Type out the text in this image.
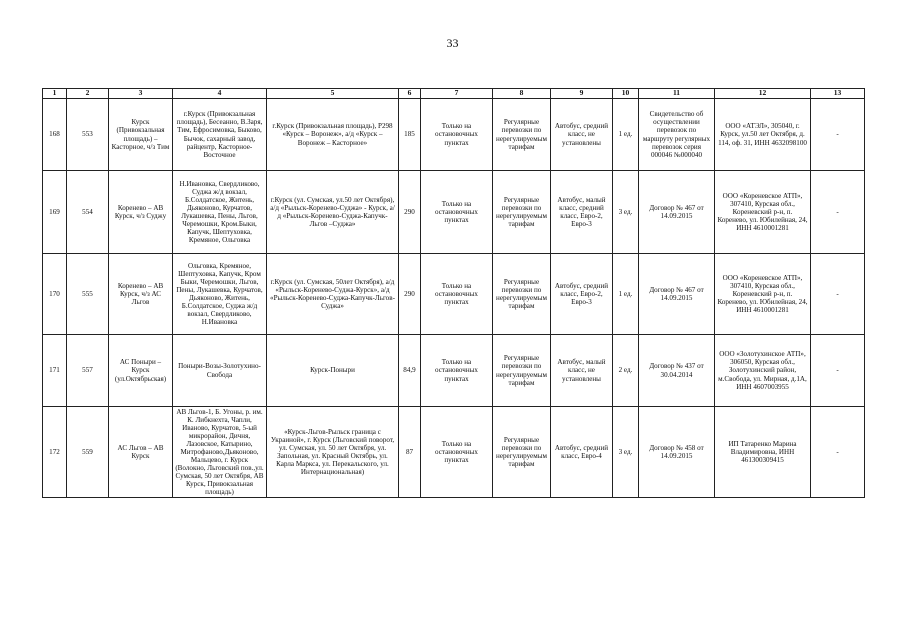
33
1	2	3	4	5	6	7	8	9	10	11	12	13
168	553	Курск (Привокзальная площадь) – Касторное, ч/з Тим	г.Курск (Привокзальная площадь), Бесеанно, В.Заря, Тим, Ефросимовка, Быково, Бычок, сахарный завод, райцентр, Касторное-Восточное	г.Курск (Привокзальная площадь), Р298 «Курск – Воронеж», а/д «Курск – Воронеж – Касторное»	185	Только на остановочных пунктах	Регулярные перевозки по нерегулируемым тарифам	Автобус, средний класс, не установлены	1 ед.	Свидетельство об осуществлении перевозок по маршруту регулярных перевозок серия 000046 №000040	ООО «АТЭЛ», 305040, г. Курск, ул.50 лет Октября, д. 114, оф. 31, ИНН 4632098100	-
169	554	Коренево – АВ Курск, ч/з Суджу	Н.Ивановка, Свердликово, Суджа ж/д вокзал, Б.Солдатское, Житень, Дьяконово, Курчатов, Лукашевка, Пены, Льгов, Черемошки, Кром.Быки, Капучк, Шептуховка, Кремяное, Ольговка	г.Курск (ул. Сумская, ул.50 лет Октября), а/д «Рыльск-Коренево-Суджа» - Курск, а/д «Рыльск-Коренево-Суджа-Капучк-Льгов –Суджа»	290	Только на остановочных пунктах	Регулярные перевозки по нерегулируемым тарифам	Автобус, малый класс, средний класс, Евро-2, Евро-3	3 ед.	Договор № 467 от 14.09.2015	ООО «Кореневское АТП», 307410, Курская обл., Кореневский р-н, п. Коренево, ул. Юбилейная, 24, ИНН 4610001281	-
170	555	Коренево – АВ Курск, ч/з АС Льгов	Ольговка, Кремяное, Шептуховка, Капучк, Кром Быки, Черемошки, Льгов, Пены, Лукашевка, Курчатов, Дьяконово, Житень, Б.Солдатское, Суджа ж/д вокзал, Свердликово, Н.Ивановка	г.Курск (ул. Сумская, 50лет Октября), а/д «Рыльск-Коренево-Суджа-Курск», а/д «Рыльск-Коренево-Суджа-Капучк-Льгов-Суджа»	290	Только на остановочных пунктах	Регулярные перевозки по нерегулируемым тарифам	Автобус, средний класс, Евро-2, Евро-3	1 ед.	Договор № 467 от 14.09.2015	ООО «Кореневское АТП», 307410, Курская обл., Кореневский р-н, п. Коренево, ул. Юбилейная, 24, ИНН 4610001281	-
171	557	АС Поныри – Курск (ул.Октябрьская)	Поныри-Возы-Золотухино-Свобода	Курск-Поныри	84,9	Только на остановочных пунктах	Регулярные перевозки по нерегулируемым тарифам	Автобус, малый класс, не установлены	2 ед.	Договор № 437 от 30.04.2014	ООО «Золотухинское АТП», 306050, Курская обл., Золотухинский район, м.Свобода, ул. Мирная, д.1А, ИНН 4607003955	-
172	559	АС Льгов – АВ Курск	АВ Льгов-1, Б. Угоны, р. им. К. Либкнехта, Чапли, Иваново, Курчатов, 5-ый микрорайон, Дичня, Лазовское, Катырино, Митрофаново,Дьяконово, Мальцево, г. Курск (Волокно, Льговский пов.,ул. Сумская, 50 лет Октября, АВ Курск, Привокзальная площадь)	«Курск-Льгов-Рыльск граница с Украиной», г. Курск (Льговский поворот, ул. Сумская, ул. 50 лет Октября, ул. Запольная, ул. Красный Октябрь, ул. Карла Маркса, ул. Перекальского, ул. Интернациональная)	87	Только на остановочных пунктах	Регулярные перевозки по нерегулируемым тарифам	Автобус, средний класс, Евро-4	3 ед.	Договор № 458 от 14.09.2015	ИП Татаренко Марина Владимировна, ИНН 461300309415	-
